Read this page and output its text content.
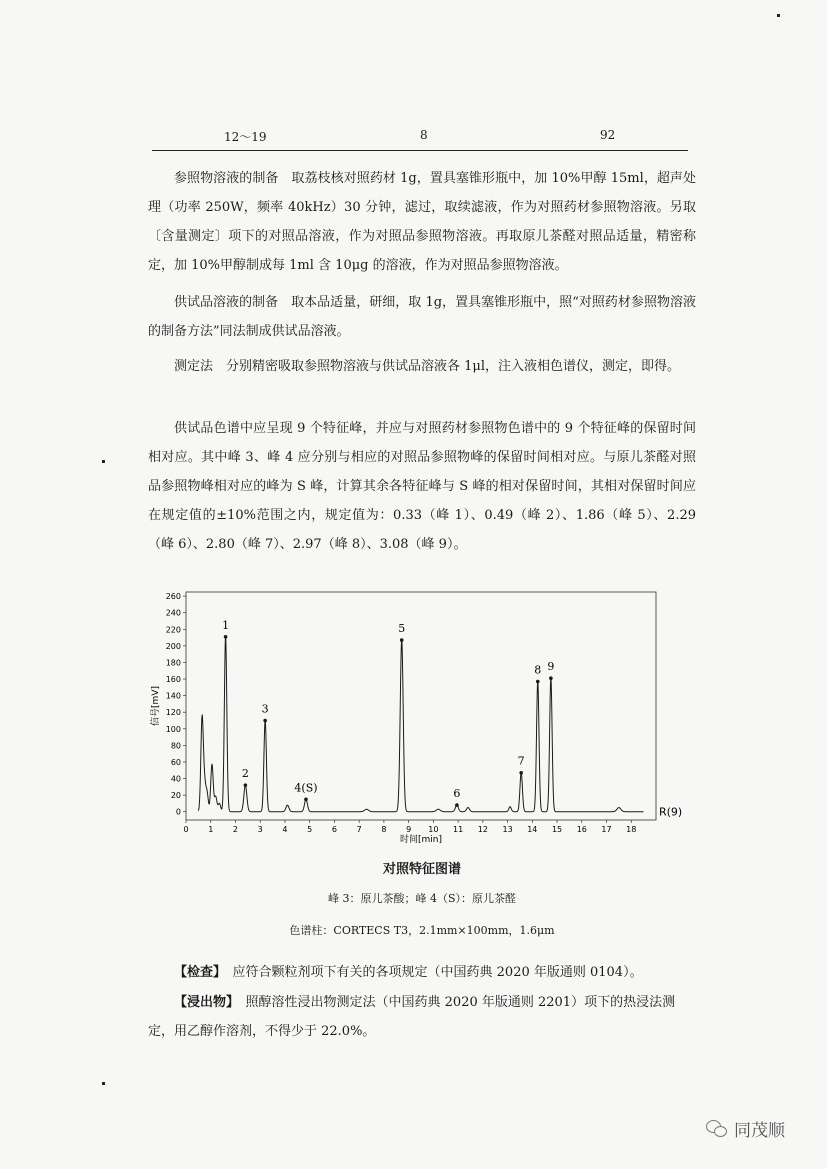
12～19	8	92

参照物溶液的制备　取荔枝核对照药材 1g，置具塞锥形瓶中，加 10%甲醇 15ml，超声处理（功率 250W，频率 40kHz）30 分钟，滤过，取续滤液，作为对照药材参照物溶液。另取〔含量测定〕项下的对照品溶液，作为对照品参照物溶液。再取原儿茶醛对照品适量，精密称定，加 10%甲醇制成每 1ml 含 10μg 的溶液，作为对照品参照物溶液。

供试品溶液的制备　取本品适量，研细，取 1g，置具塞锥形瓶中，照“对照药材参照物溶液的制备方法”同法制成供试品溶液。

测定法　分别精密吸取参照物溶液与供试品溶液各 1μl，注入液相色谱仪，测定，即得。

供试品色谱中应呈现 9 个特征峰，并应与对照药材参照物色谱中的 9 个特征峰的保留时间相对应。其中峰 3、峰 4 应分别与相应的对照品参照物峰的保留时间相对应。与原儿茶醛对照品参照物峰相对应的峰为 S 峰，计算其余各特征峰与 S 峰的相对保留时间，其相对保留时间应在规定值的±10%范围之内，规定值为：0.33（峰 1）、0.49（峰 2）、1.86（峰 5）、2.29（峰 6）、2.80（峰 7）、2.97（峰 8）、3.08（峰 9）。

0
20
40
60
80
100
120
140
160
180
200
220
240
260
0 1 2 3 4 5 6 7 8 9 10 11 12 13 14 15 16 17 18
1
2
3
4(S)
5
6
7
8 9
时间[min]
信号[mV]
R(9)
对照特征图谱
峰 3：原儿茶酸；峰 4（S）：原儿茶醛
色谱柱：CORTECS T3，2.1mm×100mm，1.6μm

【检查】　应符合颗粒剂项下有关的各项规定（中国药典 2020 年版通则 0104）。

【浸出物】　照醇溶性浸出物测定法（中国药典 2020 年版通则 2201）项下的热浸法测定，用乙醇作溶剂，不得少于 22.0%。

同茂顺
